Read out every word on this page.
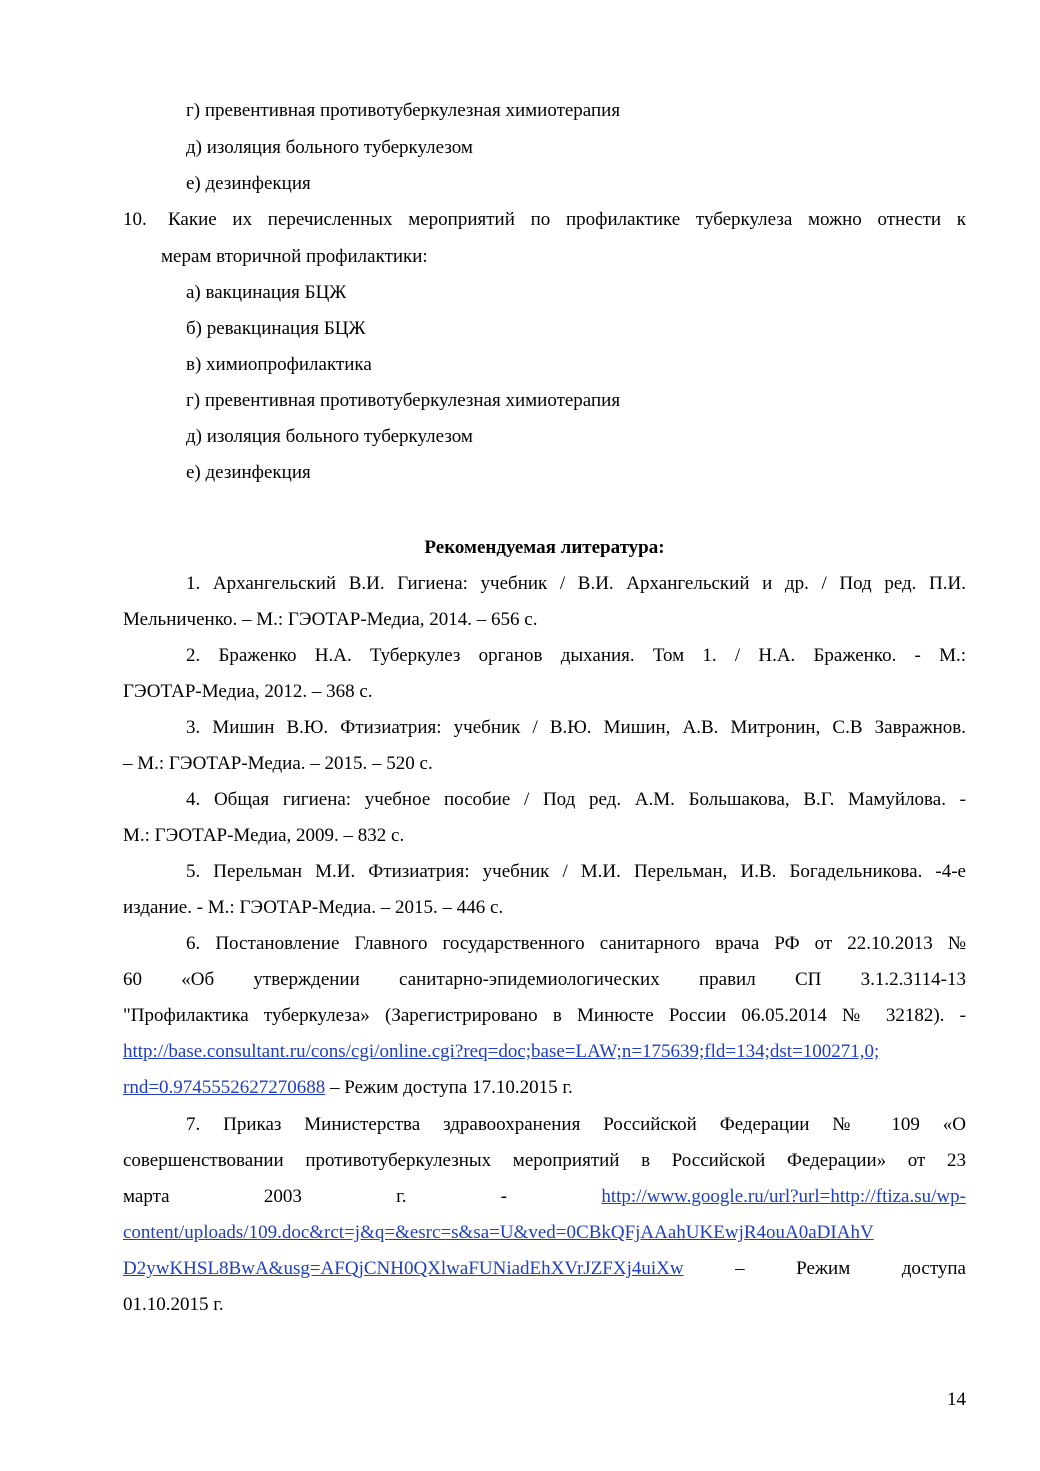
г) превентивная противотуберкулезная химиотерапия
д) изоляция больного туберкулезом
е) дезинфекция
10. Какие их перечисленных мероприятий по профилактике туберкулеза можно отнести к
мерам вторичной профилактики:
а) вакцинация БЦЖ
б) ревакцинация БЦЖ
в) химиопрофилактика
г) превентивная противотуберкулезная химиотерапия
д) изоляция больного туберкулезом
е) дезинфекция
Рекомендуемая литература:
1. Архангельский В.И. Гигиена: учебник / В.И. Архангельский и др. / Под ред. П.И.
Мельниченко. – М.: ГЭОТАР-Медиа, 2014. – 656 с.
2. Браженко Н.А. Туберкулез органов дыхания. Том 1. / Н.А. Браженко. - М.:
ГЭОТАР-Медиа, 2012. – 368 с.
3. Мишин В.Ю. Фтизиатрия: учебник / В.Ю. Мишин, А.В. Митронин, С.В Завражнов.
– М.: ГЭОТАР-Медиа. – 2015. – 520 с.
4. Общая гигиена: учебное пособие / Под ред. А.М. Большакова, В.Г. Мамуйлова. -
М.: ГЭОТАР-Медиа, 2009. – 832 с.
5. Перельман М.И. Фтизиатрия: учебник / М.И. Перельман, И.В. Богадельникова. -4-е
издание. - М.: ГЭОТАР-Медиа. – 2015. – 446 с.
6. Постановление Главного государственного санитарного врача РФ от 22.10.2013 №
60 «Об утверждении санитарно-эпидемиологических правил СП 3.1.2.3114-13
"Профилактика туберкулеза» (Зарегистрировано в Минюсте России 06.05.2014 № 32182). -
http://base.consultant.ru/cons/cgi/online.cgi?req=doc;base=LAW;n=175639;fld=134;dst=100271,0;
rnd=0.9745552627270688 – Режим доступа 17.10.2015 г.
7. Приказ Министерства здравоохранения Российской Федерации № 109 «О
совершенствовании противотуберкулезных мероприятий в Российской Федерации» от 23
марта	2003	г.	-	http://www.google.ru/url?url=http://ftiza.su/wp-
content/uploads/109.doc&rct=j&q=&esrc=s&sa=U&ved=0CBkQFjAAahUKEwjR4ouA0aDIAhV
D2ywKHSL8BwA&usg=AFQjCNH0QXlwaFUNiadEhXVrJZFXj4uiXw	–	Режим	доступа
01.10.2015 г.
14
